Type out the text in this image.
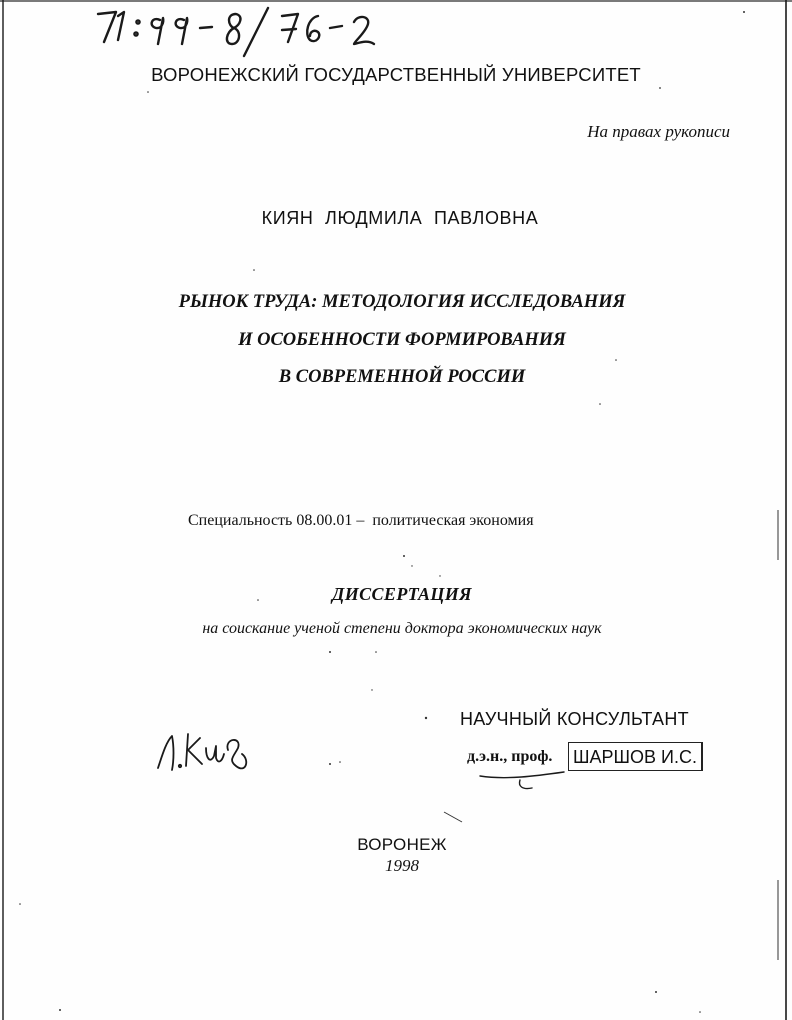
ВОРОНЕЖСКИЙ ГОСУДАРСТВЕННЫЙ УНИВЕРСИТЕТ
На правах рукописи
КИЯН ЛЮДМИЛА ПАВЛОВНА
РЫНОК ТРУДА: МЕТОДОЛОГИЯ ИССЛЕДОВАНИЯ
И ОСОБЕННОСТИ ФОРМИРОВАНИЯ
В СОВРЕМЕННОЙ РОССИИ
Специальность 08.00.01 –  политическая экономия
ДИССЕРТАЦИЯ
на соискание ученой степени доктора экономических наук
НАУЧНЫЙ КОНСУЛЬТАНТ
д.э.н., проф. ШАРШОВ И.С.
ВОРОНЕЖ
1998
